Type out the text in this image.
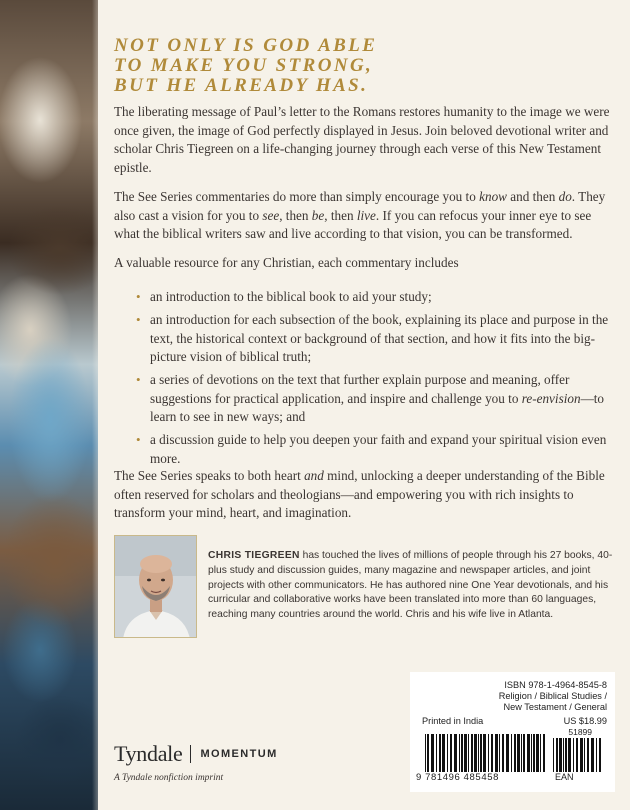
NOT ONLY IS GOD ABLE
TO MAKE YOU STRONG,
BUT HE ALREADY HAS.

The liberating message of Paul’s letter to the Romans restores humanity to the image we were once given, the image of God perfectly displayed in Jesus. Join beloved devotional writer and scholar Chris Tiegreen on a life-changing journey through each verse of this New Testament epistle.

The See Series commentaries do more than simply encourage you to know and then do. They also cast a vision for you to see, then be, then live. If you can refocus your inner eye to see what the biblical writers saw and live according to that vision, you can be transformed.

A valuable resource for any Christian, each commentary includes

• an introduction to the biblical book to aid your study;
• an introduction for each subsection of the book, explaining its place and purpose in the text, the historical context or background of that section, and how it fits into the big-picture vision of biblical truth;
• a series of devotions on the text that further explain purpose and meaning, offer suggestions for practical application, and inspire and challenge you to re-envision—to learn to see in new ways; and
• a discussion guide to help you deepen your faith and expand your spiritual vision even more.

The See Series speaks to both heart and mind, unlocking a deeper understanding of the Bible often reserved for scholars and theologians—and empowering you with rich insights to transform your mind, heart, and imagination.

CHRIS TIEGREEN has touched the lives of millions of people through his 27 books, 40-plus study and discussion guides, many magazine and newspaper articles, and joint projects with other communicators. He has authored nine One Year devotionals, and his curricular and collaborative works have been translated into more than 60 languages, reaching many countries around the world. Chris and his wife live in Atlanta.

ISBN 978-1-4964-8545-8
Religion / Biblical Studies /
New Testament / General
Printed in India	US $18.99
51899
9 781496 485458	EAN
Tyndale MOMENTUM
A Tyndale nonfiction imprint
